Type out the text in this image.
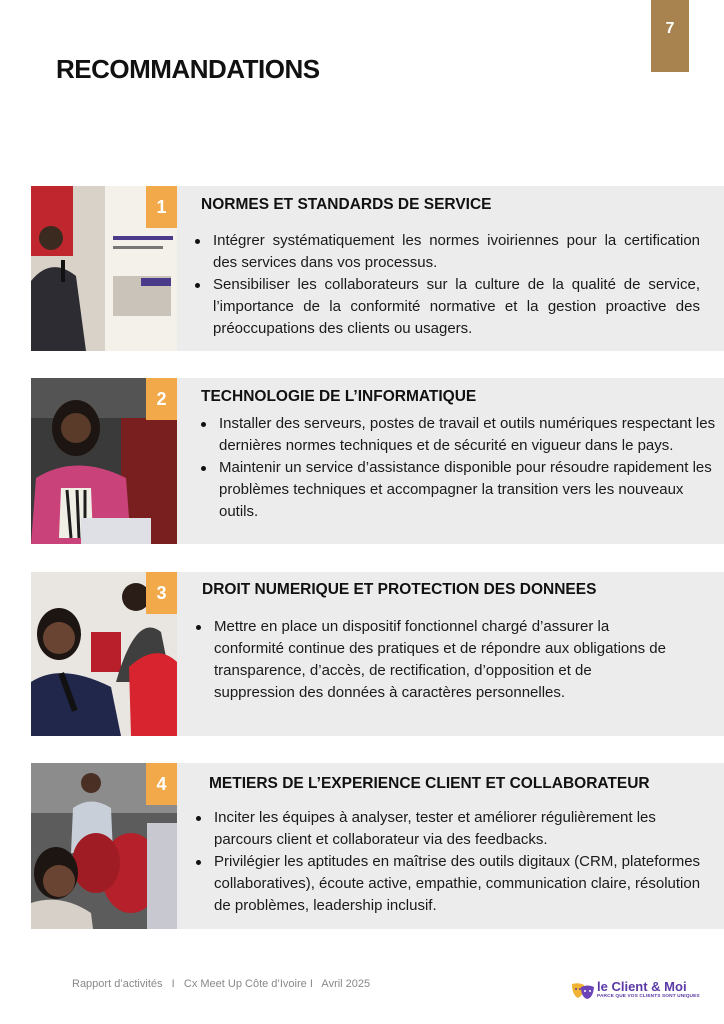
7
RECOMMANDATIONS
1	NORMES ET STANDARDS DE SERVICE
Intégrer systématiquement les normes ivoiriennes pour la certification des services dans vos processus.
Sensibiliser les collaborateurs sur la culture de la qualité de service, l’importance de la conformité normative et la gestion proactive des préoccupations des clients ou usagers.
2	TECHNOLOGIE DE L’INFORMATIQUE
Installer des serveurs, postes de travail et outils numériques respectant les dernières normes techniques et de sécurité en vigueur dans le pays.
Maintenir un service d’assistance disponible pour résoudre rapidement les problèmes techniques et accompagner la transition vers les nouveaux outils.
3	DROIT NUMERIQUE ET PROTECTION DES DONNEES
Mettre en place un dispositif fonctionnel chargé d’assurer la conformité continue des pratiques et de répondre aux obligations de transparence, d’accès, de rectification, d’opposition et de suppression des données à caractères personnelles.
4	METIERS DE L’EXPERIENCE CLIENT ET COLLABORATEUR
Inciter les équipes à analyser, tester et améliorer régulièrement les parcours client et collaborateur via des feedbacks.
Privilégier les aptitudes en maîtrise des outils digitaux (CRM, plateformes collaboratives), écoute active, empathie, communication claire, résolution de problèmes, leadership inclusif.
Rapport d’activités   I   Cx Meet Up Côte d’Ivoire I   Avril 2025	le Client & Moi
PARCE QUE VOS CLIENTS SONT UNIQUES
